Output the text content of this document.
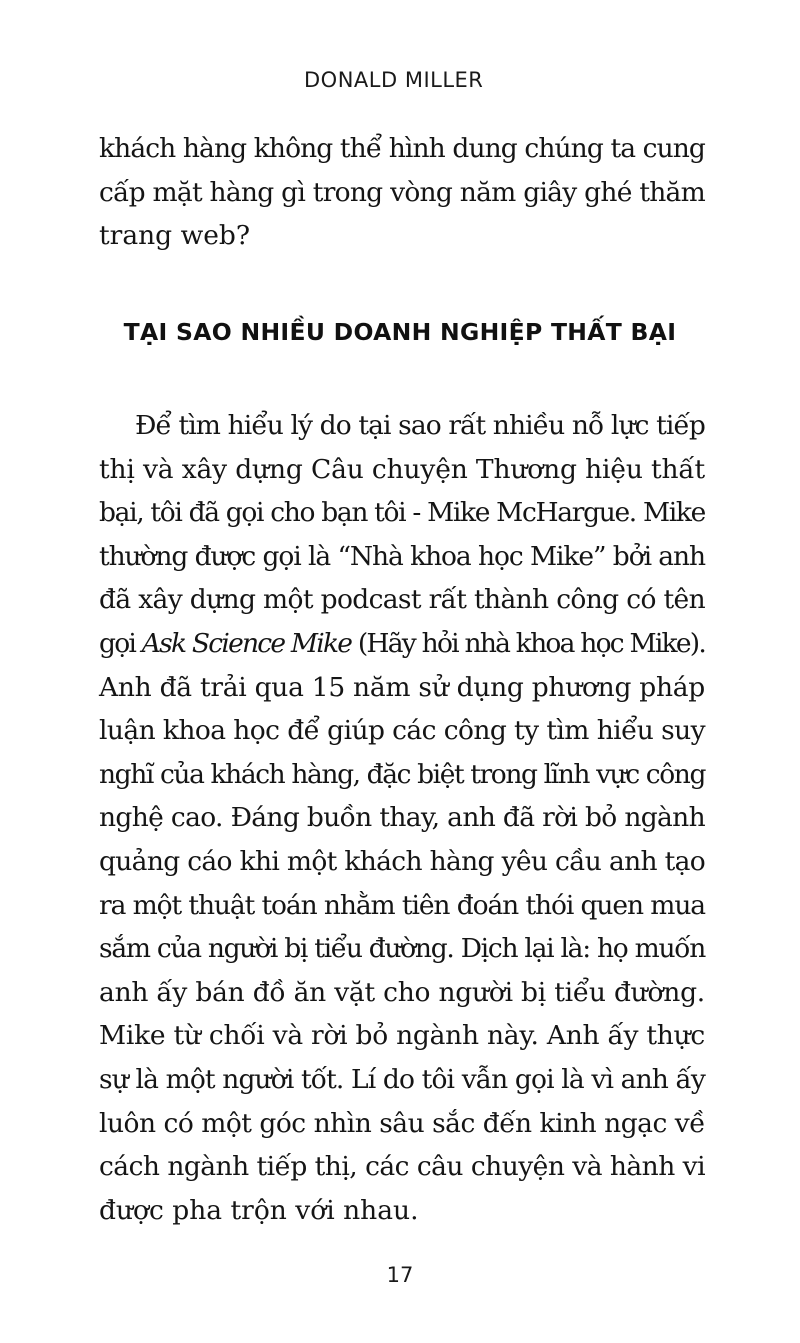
DONALD MILLER
khách hàng không thể hình dung chúng ta cung
cấp mặt hàng gì trong vòng năm giây ghé thăm
trang web?
TẠI SAO NHIỀU DOANH NGHIỆP THẤT BẠI
Để tìm hiểu lý do tại sao rất nhiều nỗ lực tiếp
thị và xây dựng Câu chuyện Thương hiệu thất
bại, tôi đã gọi cho bạn tôi - Mike McHargue. Mike
thường được gọi là “Nhà khoa học Mike” bởi anh
đã xây dựng một podcast rất thành công có tên
gọi Ask Science Mike (Hãy hỏi nhà khoa học Mike).
Anh đã trải qua 15 năm sử dụng phương pháp
luận khoa học để giúp các công ty tìm hiểu suy
nghĩ của khách hàng, đặc biệt trong lĩnh vực công
nghệ cao. Đáng buồn thay, anh đã rời bỏ ngành
quảng cáo khi một khách hàng yêu cầu anh tạo
ra một thuật toán nhằm tiên đoán thói quen mua
sắm của người bị tiểu đường. Dịch lại là: họ muốn
anh ấy bán đồ ăn vặt cho người bị tiểu đường.
Mike từ chối và rời bỏ ngành này. Anh ấy thực
sự là một người tốt. Lí do tôi vẫn gọi là vì anh ấy
luôn có một góc nhìn sâu sắc đến kinh ngạc về
cách ngành tiếp thị, các câu chuyện và hành vi
được pha trộn với nhau.
17
